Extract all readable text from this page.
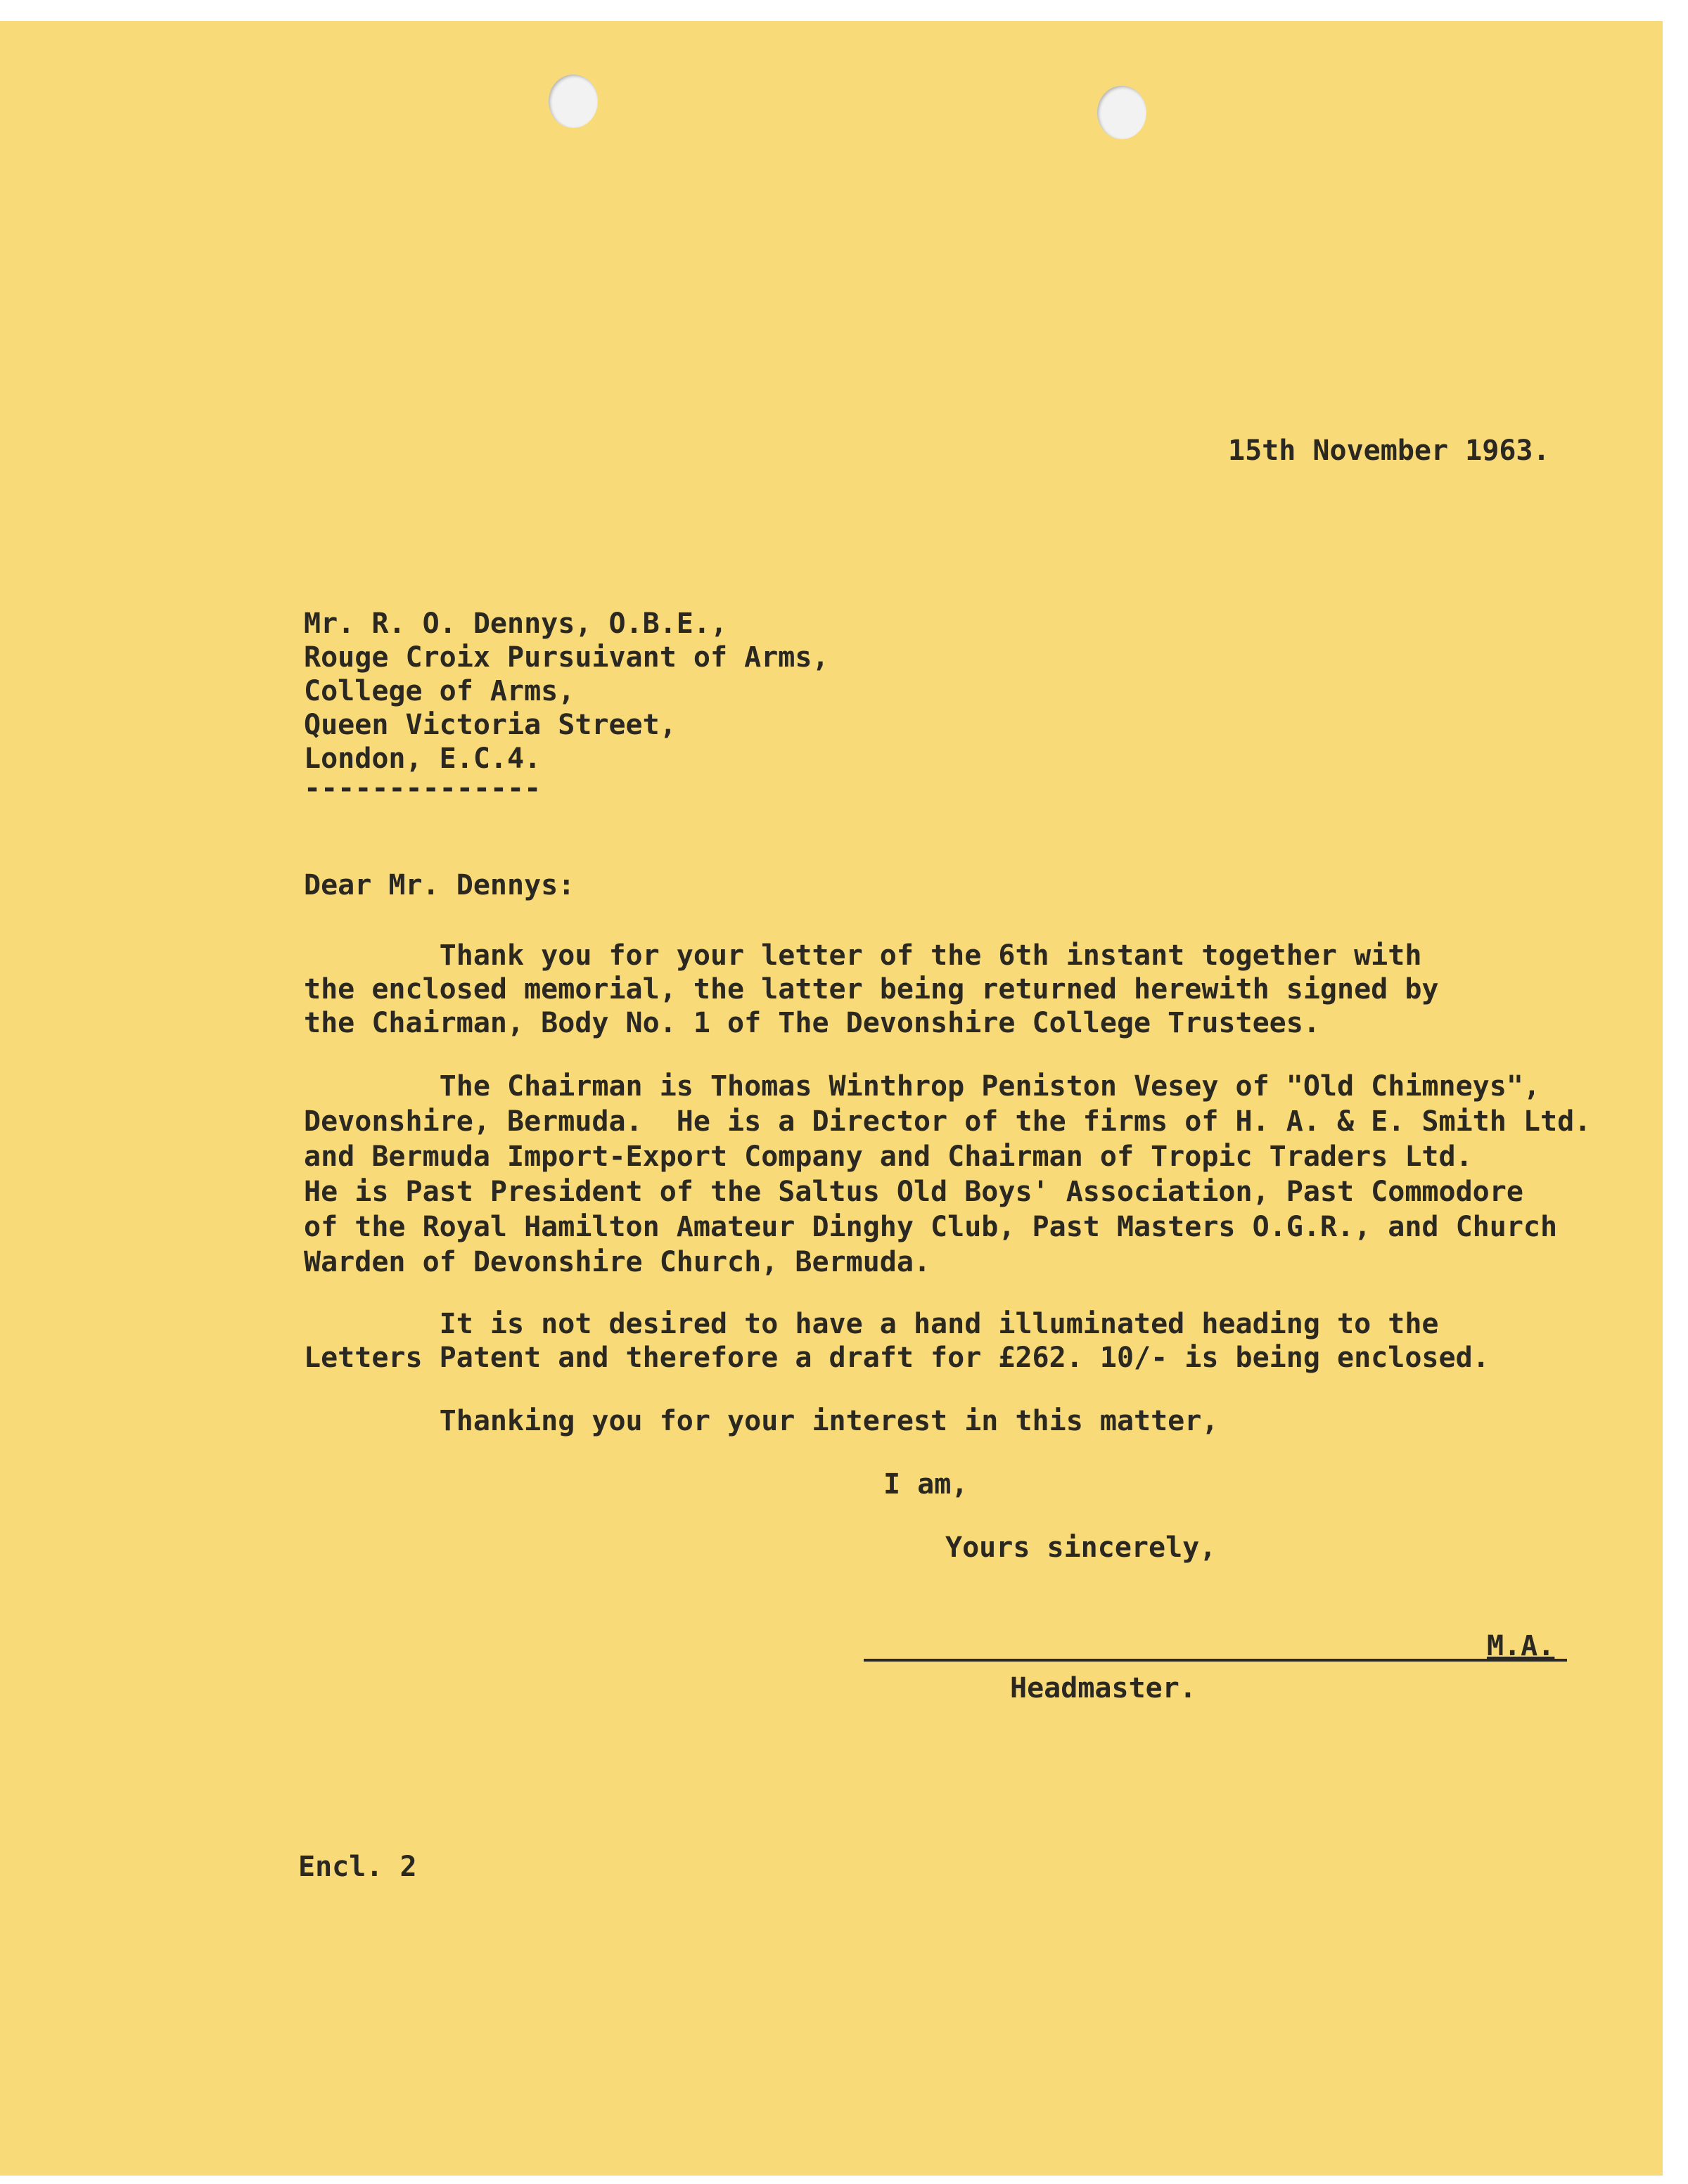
15th November 1963.

Mr. R. O. Dennys, O.B.E.,

Rouge Croix Pursuivant of Arms,

College of Arms,

Queen Victoria Street,

London, E.C.4.

--------------

Dear Mr. Dennys:

Thank you for your letter of the 6th instant together with

the enclosed memorial, the latter being returned herewith signed by

the Chairman, Body No. 1 of The Devonshire College Trustees.

The Chairman is Thomas Winthrop Peniston Vesey of "Old Chimneys",

Devonshire, Bermuda.  He is a Director of the firms of H. A. & E. Smith Ltd.

and Bermuda Import-Export Company and Chairman of Tropic Traders Ltd.

He is Past President of the Saltus Old Boys' Association, Past Commodore

of the Royal Hamilton Amateur Dinghy Club, Past Masters O.G.R., and Church

Warden of Devonshire Church, Bermuda.

It is not desired to have a hand illuminated heading to the

Letters Patent and therefore a draft for £262. 10/- is being enclosed.

Thanking you for your interest in this matter,

I am,

Yours sincerely,

M.A.

Headmaster.

Encl. 2
